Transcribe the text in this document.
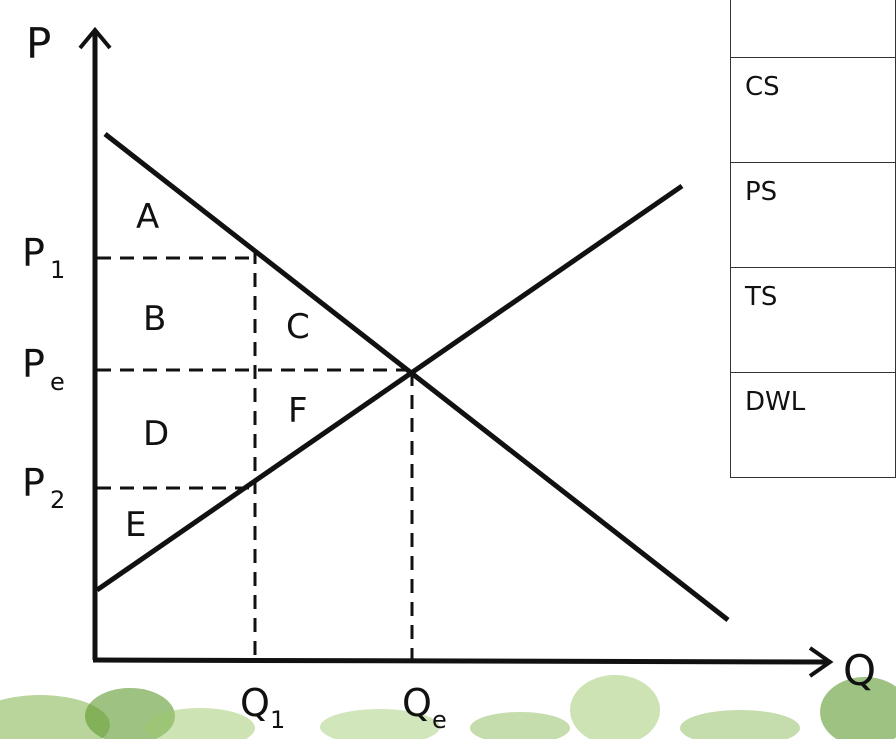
P
Q
P 1
P e
P 2
Q 1	Q e
A
B	C
D
F
E

CS

PS

TS

DWL
